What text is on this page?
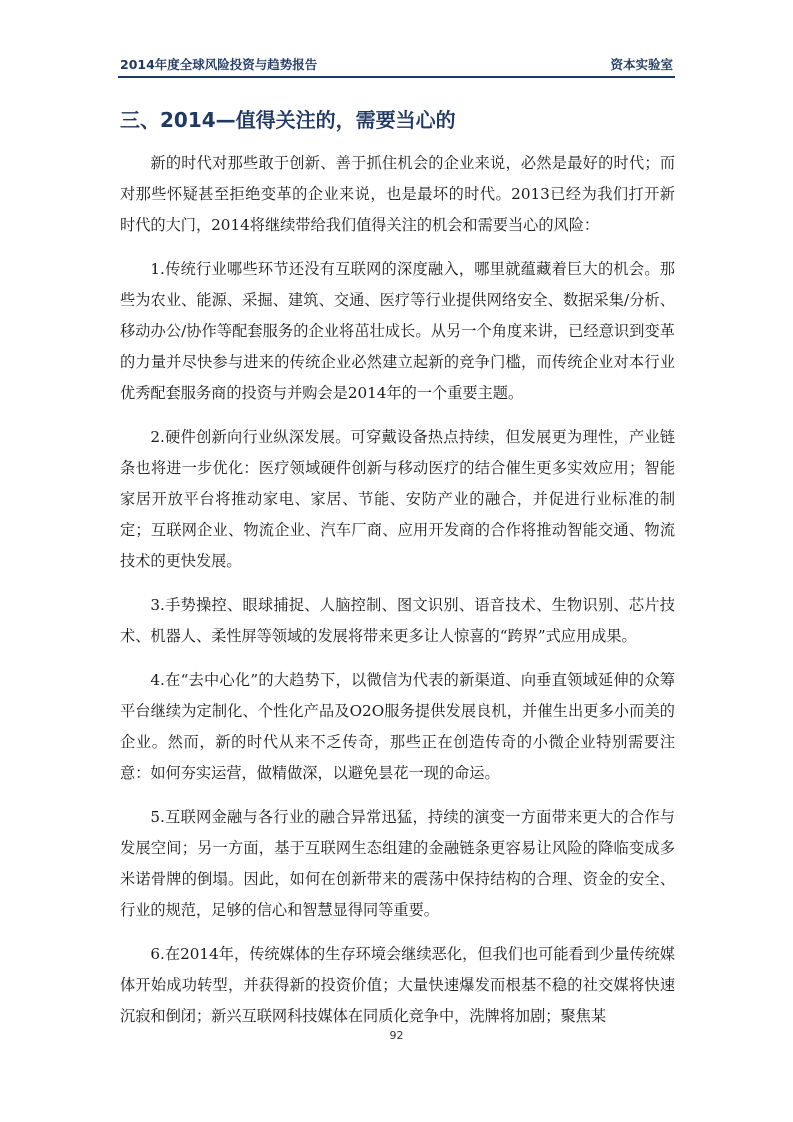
2014年度全球风险投资与趋势报告	资本实验室
三、2014—值得关注的，需要当心的

新的时代对那些敢于创新、善于抓住机会的企业来说，必然是最好的时代；而对那些怀疑甚至拒绝变革的企业来说，也是最坏的时代。2013已经为我们打开新时代的大门，2014将继续带给我们值得关注的机会和需要当心的风险：

1.传统行业哪些环节还没有互联网的深度融入，哪里就蕴藏着巨大的机会。那些为农业、能源、采掘、建筑、交通、医疗等行业提供网络安全、数据采集/分析、移动办公/协作等配套服务的企业将茁壮成长。从另一个角度来讲，已经意识到变革的力量并尽快参与进来的传统企业必然建立起新的竞争门槛，而传统企业对本行业优秀配套服务商的投资与并购会是2014年的一个重要主题。

2.硬件创新向行业纵深发展。可穿戴设备热点持续，但发展更为理性，产业链条也将进一步优化：医疗领域硬件创新与移动医疗的结合催生更多实效应用；智能家居开放平台将推动家电、家居、节能、安防产业的融合，并促进行业标准的制定；互联网企业、物流企业、汽车厂商、应用开发商的合作将推动智能交通、物流技术的更快发展。

3.手势操控、眼球捕捉、人脑控制、图文识别、语音技术、生物识别、芯片技术、机器人、柔性屏等领域的发展将带来更多让人惊喜的“跨界”式应用成果。

4.在“去中心化”的大趋势下，以微信为代表的新渠道、向垂直领域延伸的众筹平台继续为定制化、个性化产品及O2O服务提供发展良机，并催生出更多小而美的企业。然而，新的时代从来不乏传奇，那些正在创造传奇的小微企业特别需要注意：如何夯实运营，做精做深，以避免昙花一现的命运。

5.互联网金融与各行业的融合异常迅猛，持续的演变一方面带来更大的合作与发展空间；另一方面，基于互联网生态组建的金融链条更容易让风险的降临变成多米诺骨牌的倒塌。因此，如何在创新带来的震荡中保持结构的合理、资金的安全、行业的规范，足够的信心和智慧显得同等重要。

6.在2014年，传统媒体的生存环境会继续恶化，但我们也可能看到少量传统媒体开始成功转型，并获得新的投资价值；大量快速爆发而根基不稳的社交媒将快速沉寂和倒闭；新兴互联网科技媒体在同质化竞争中，洗牌将加剧；聚焦某

92
